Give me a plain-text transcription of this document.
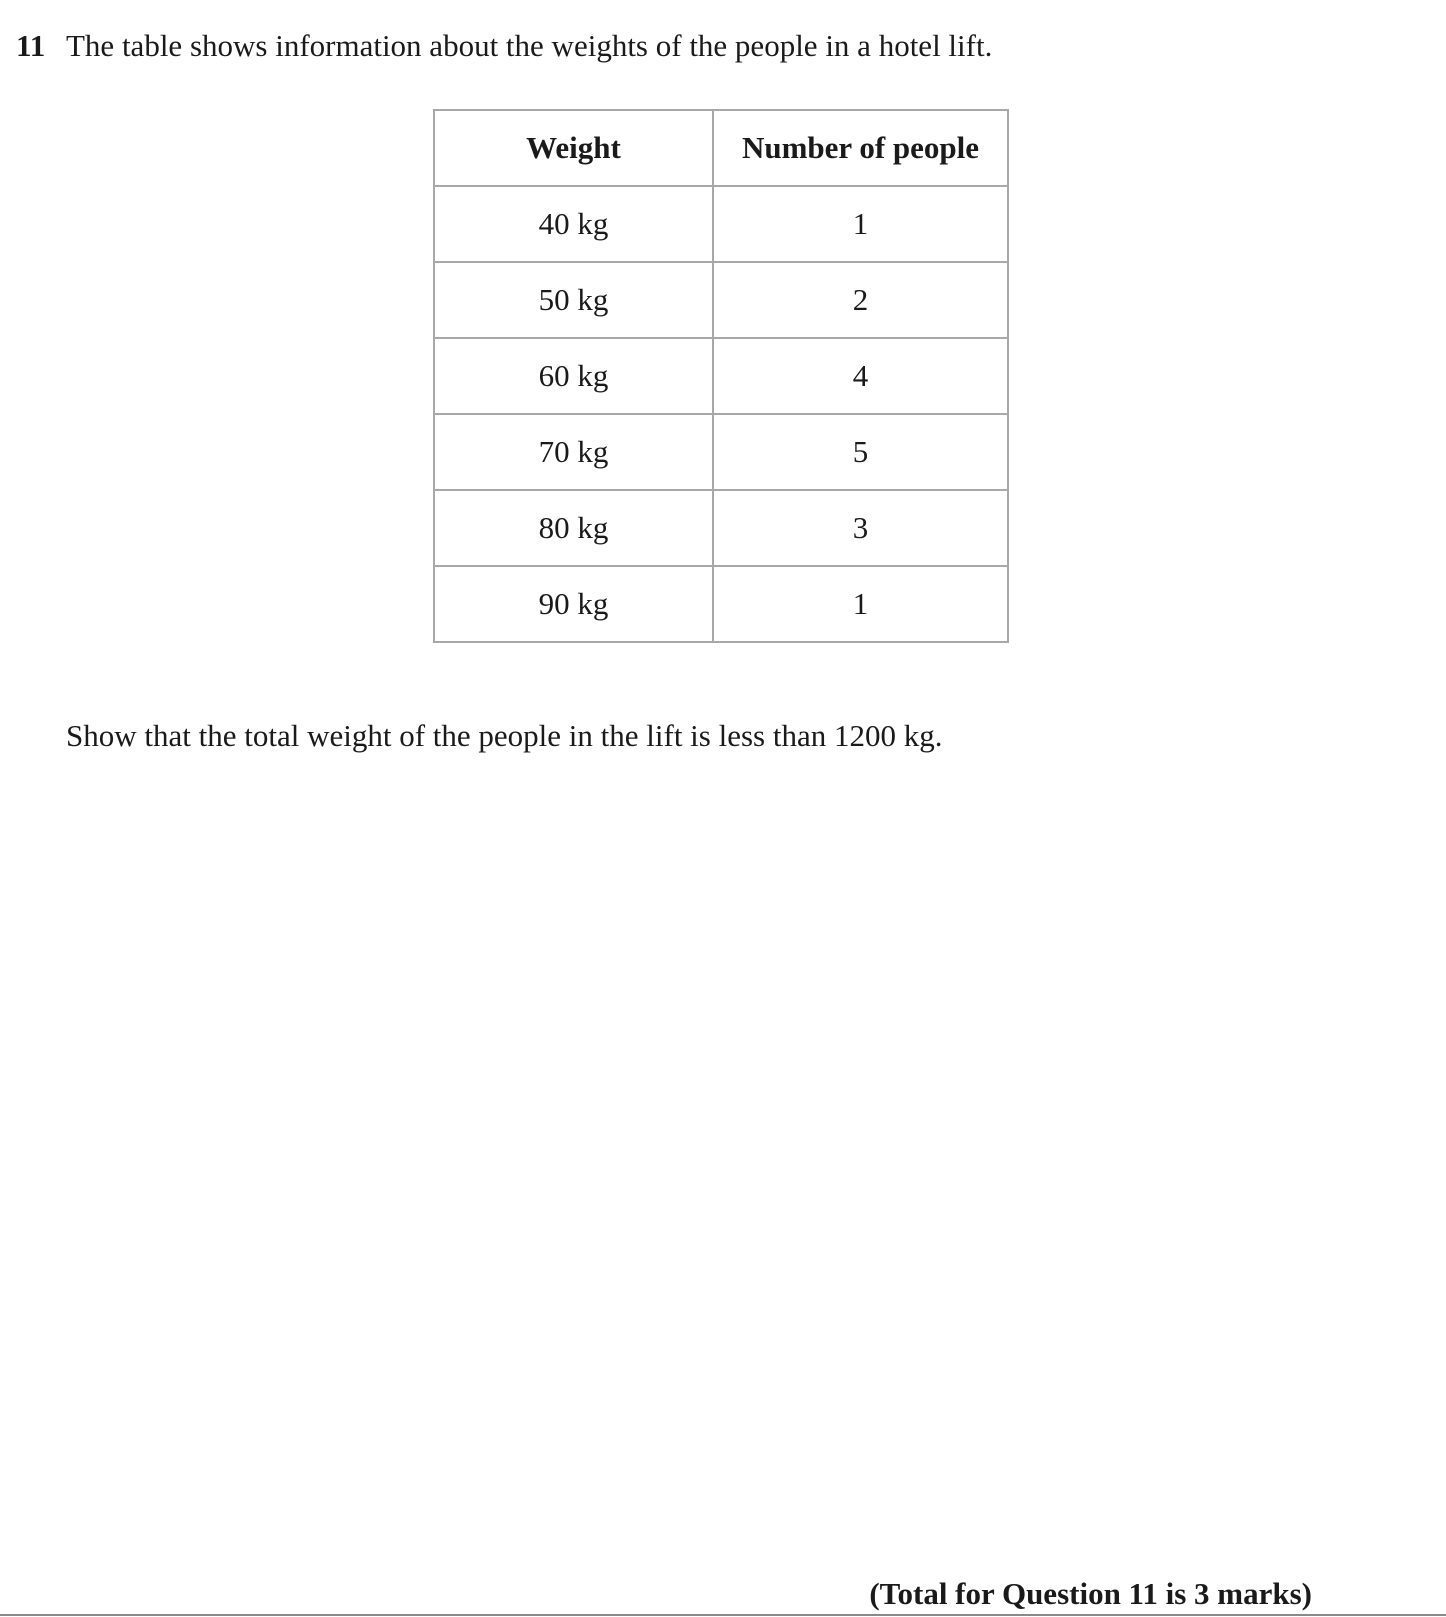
11 The table shows information about the weights of the people in a hotel lift.
Weight	Number of people
40 kg	1
50 kg	2
60 kg	4
70 kg	5
80 kg	3
90 kg	1
Show that the total weight of the people in the lift is less than 1200 kg.
(Total for Question 11 is 3 marks)
